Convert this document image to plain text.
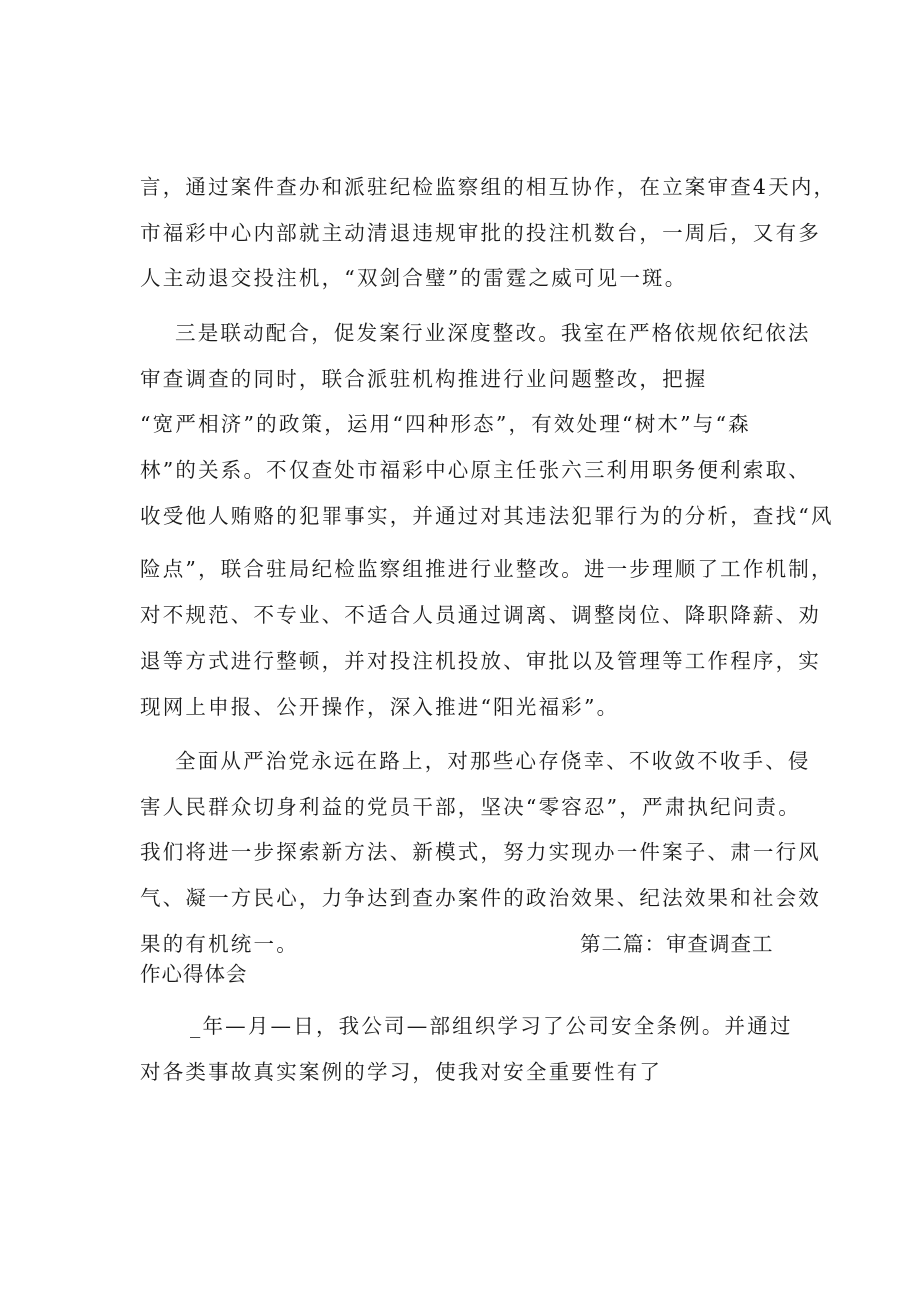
言，通过案件查办和派驻纪检监察组的相互协作，在立案审查4天内，
市福彩中心内部就主动清退违规审批的投注机数台，一周后，又有多
人主动退交投注机，“双剑合璧”的雷霆之威可见一斑。
三是联动配合，促发案行业深度整改。我室在严格依规依纪依法
审查调查的同时，联合派驻机构推进行业问题整改，把握
“宽严相济”的政策，运用“四种形态”，有效处理“树木”与“森
林”的关系。不仅查处市福彩中心原主任张六三利用职务便利索取、
收受他人贿赂的犯罪事实，并通过对其违法犯罪行为的分析，查找“风
险点”，联合驻局纪检监察组推进行业整改。进一步理顺了工作机制，
对不规范、不专业、不适合人员通过调离、调整岗位、降职降薪、劝
退等方式进行整顿，并对投注机投放、审批以及管理等工作程序，实
现网上申报、公开操作，深入推进“阳光福彩”。
全面从严治党永远在路上，对那些心存侥幸、不收敛不收手、侵
害人民群众切身利益的党员干部，坚决“零容忍”，严肃执纪问责。
我们将进一步探索新方法、新模式，努力实现办一件案子、肃一行风
气、凝一方民心，力争达到查办案件的政治效果、纪法效果和社会效
果的有机统一。	第二篇：审查调查工
作心得体会
_年—月—日，我公司—部组织学习了公司安全条例。并通过
对各类事故真实案例的学习，使我对安全重要性有了
